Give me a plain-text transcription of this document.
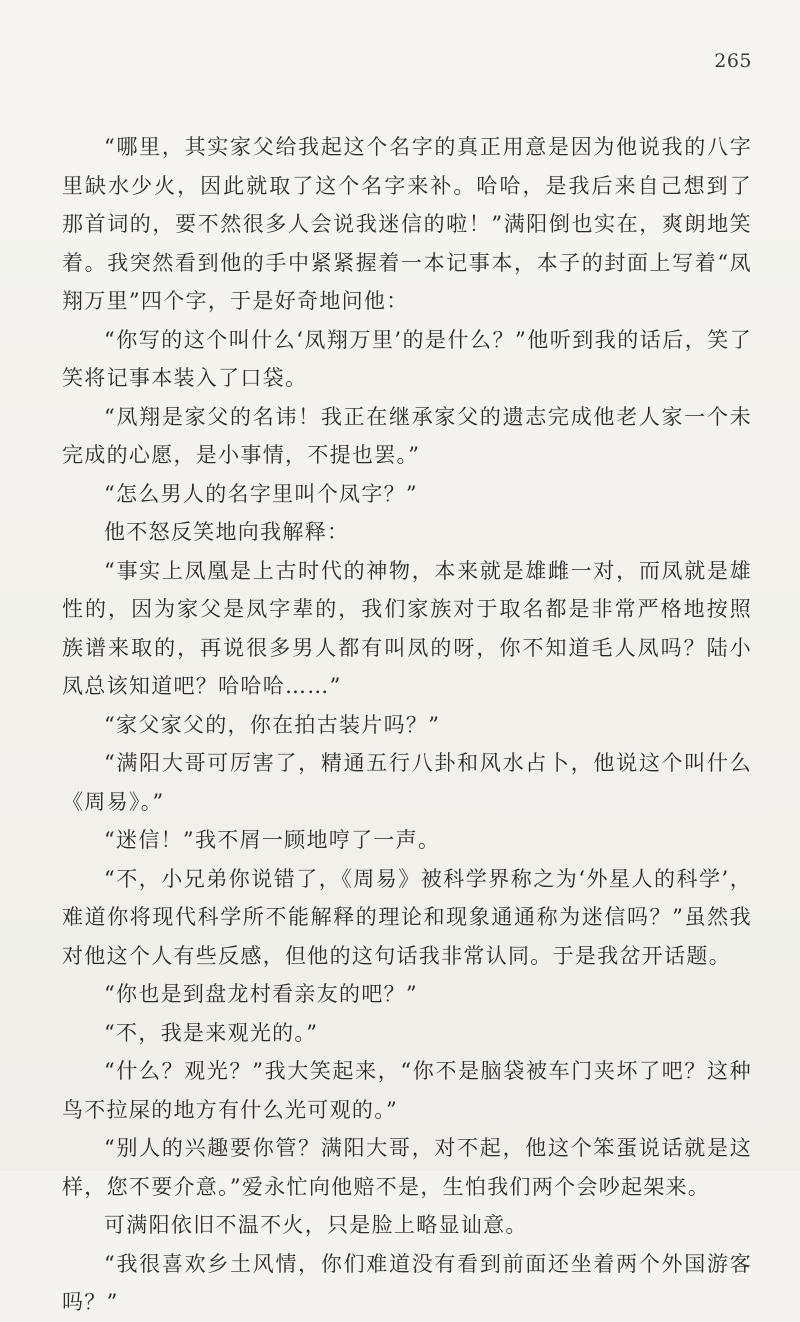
265

“哪里，其实家父给我起这个名字的真正用意是因为他说我的八字里缺水少火，因此就取了这个名字来补。哈哈，是我后来自己想到了那首词的，要不然很多人会说我迷信的啦！”满阳倒也实在，爽朗地笑着。我突然看到他的手中紧紧握着一本记事本，本子的封面上写着“凤翔万里”四个字，于是好奇地问他：

“你写的这个叫什么‘凤翔万里’的是什么？”他听到我的话后，笑了笑将记事本装入了口袋。

“凤翔是家父的名讳！我正在继承家父的遗志完成他老人家一个未完成的心愿，是小事情，不提也罢。”

“怎么男人的名字里叫个凤字？”

他不怒反笑地向我解释：

“事实上凤凰是上古时代的神物，本来就是雄雌一对，而凤就是雄性的，因为家父是凤字辈的，我们家族对于取名都是非常严格地按照族谱来取的，再说很多男人都有叫凤的呀，你不知道毛人凤吗？陆小凤总该知道吧？哈哈哈……”

“家父家父的，你在拍古装片吗？”

“满阳大哥可厉害了，精通五行八卦和风水占卜，他说这个叫什么《周易》。”

“迷信！”我不屑一顾地哼了一声。

“不，小兄弟你说错了，《周易》被科学界称之为‘外星人的科学’，难道你将现代科学所不能解释的理论和现象通通称为迷信吗？”虽然我对他这个人有些反感，但他的这句话我非常认同。于是我岔开话题。

“你也是到盘龙村看亲友的吧？”

“不，我是来观光的。”

“什么？观光？”我大笑起来，“你不是脑袋被车门夹坏了吧？这种鸟不拉屎的地方有什么光可观的。”

“别人的兴趣要你管？满阳大哥，对不起，他这个笨蛋说话就是这样，您不要介意。”爱永忙向他赔不是，生怕我们两个会吵起架来。

可满阳依旧不温不火，只是脸上略显讪意。

“我很喜欢乡土风情，你们难道没有看到前面还坐着两个外国游客吗？”
